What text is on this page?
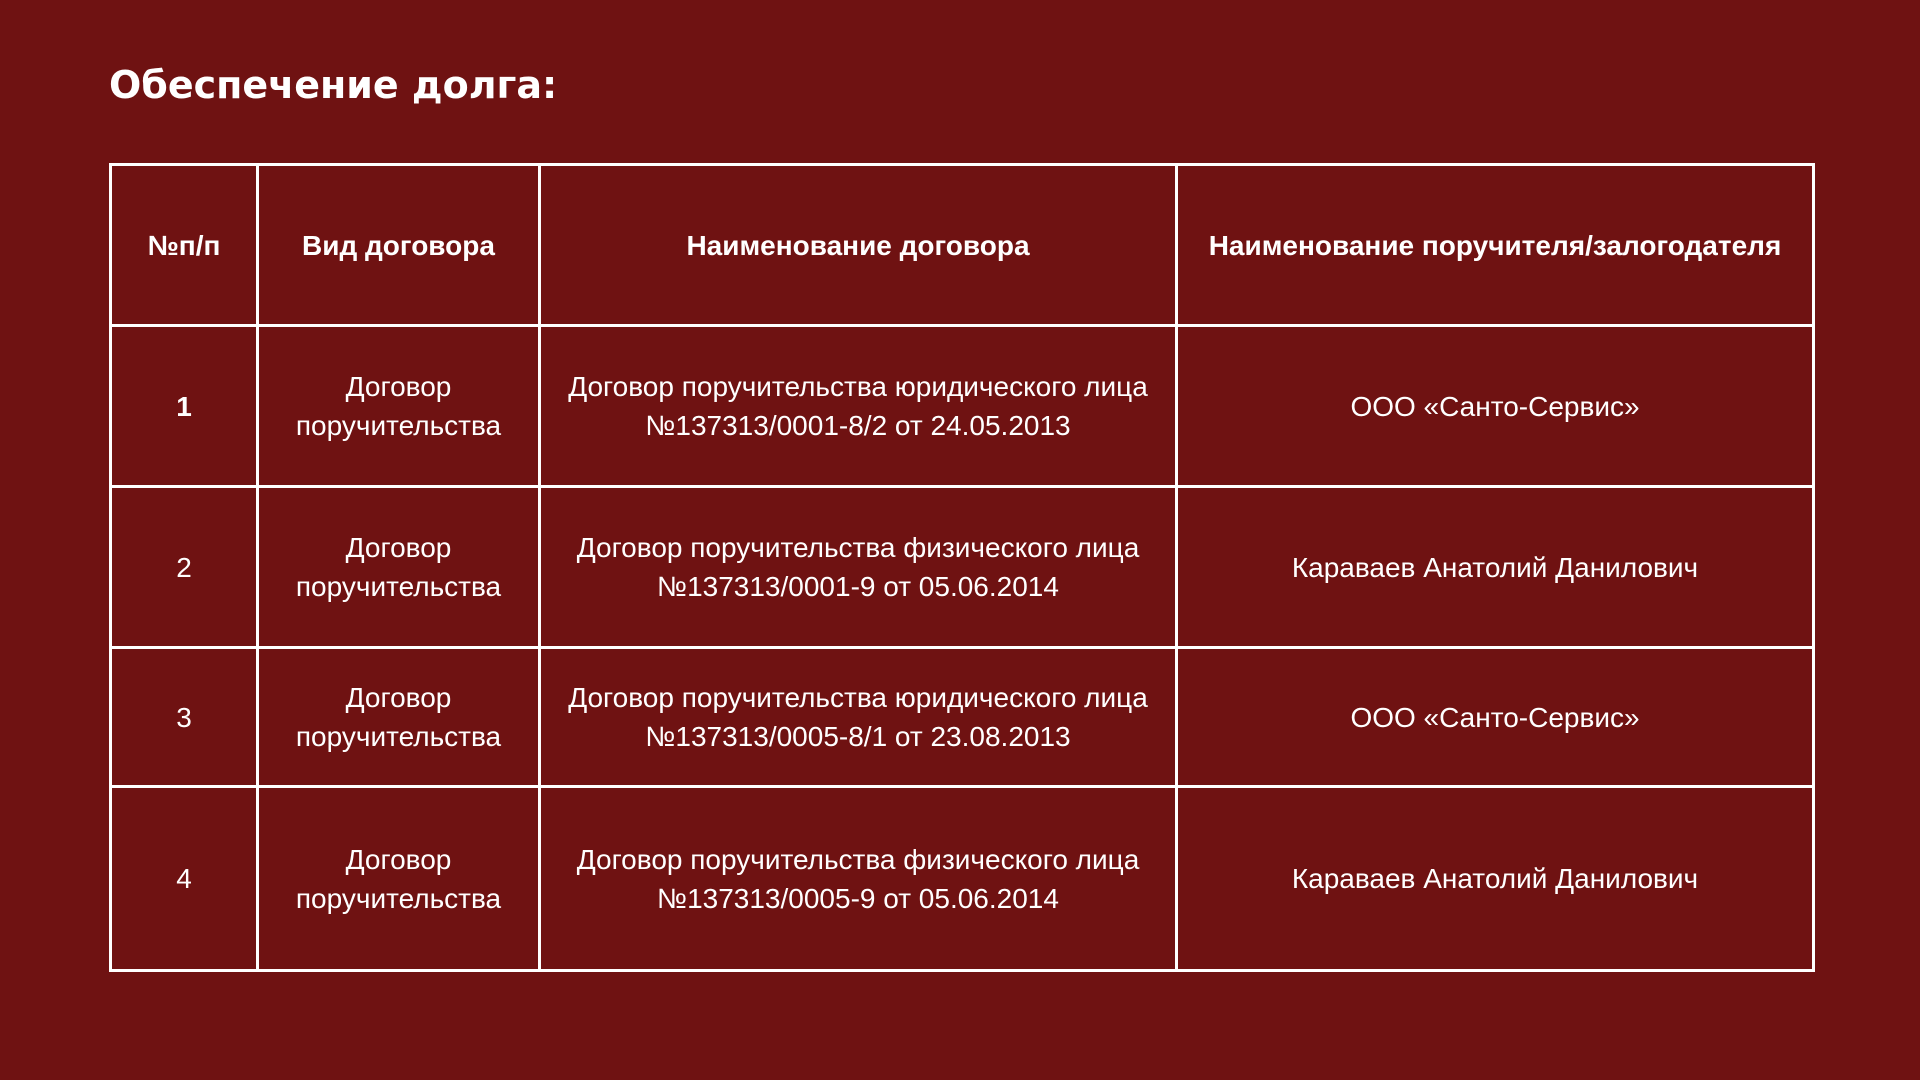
Обеспечение долга:
№п/п	Вид договора	Наименование договора	Наименование поручителя/залогодателя
1	Договор поручительства	Договор поручительства юридического лица №137313/0001-8/2 от 24.05.2013	ООО «Санто-Сервис»
2	Договор поручительства	Договор поручительства физического лица №137313/0001-9 от 05.06.2014	Караваев Анатолий Данилович
3	Договор поручительства	Договор поручительства юридического лица №137313/0005-8/1 от 23.08.2013	ООО «Санто-Сервис»
4	Договор поручительства	Договор поручительства физического лица №137313/0005-9 от 05.06.2014	Караваев Анатолий Данилович
